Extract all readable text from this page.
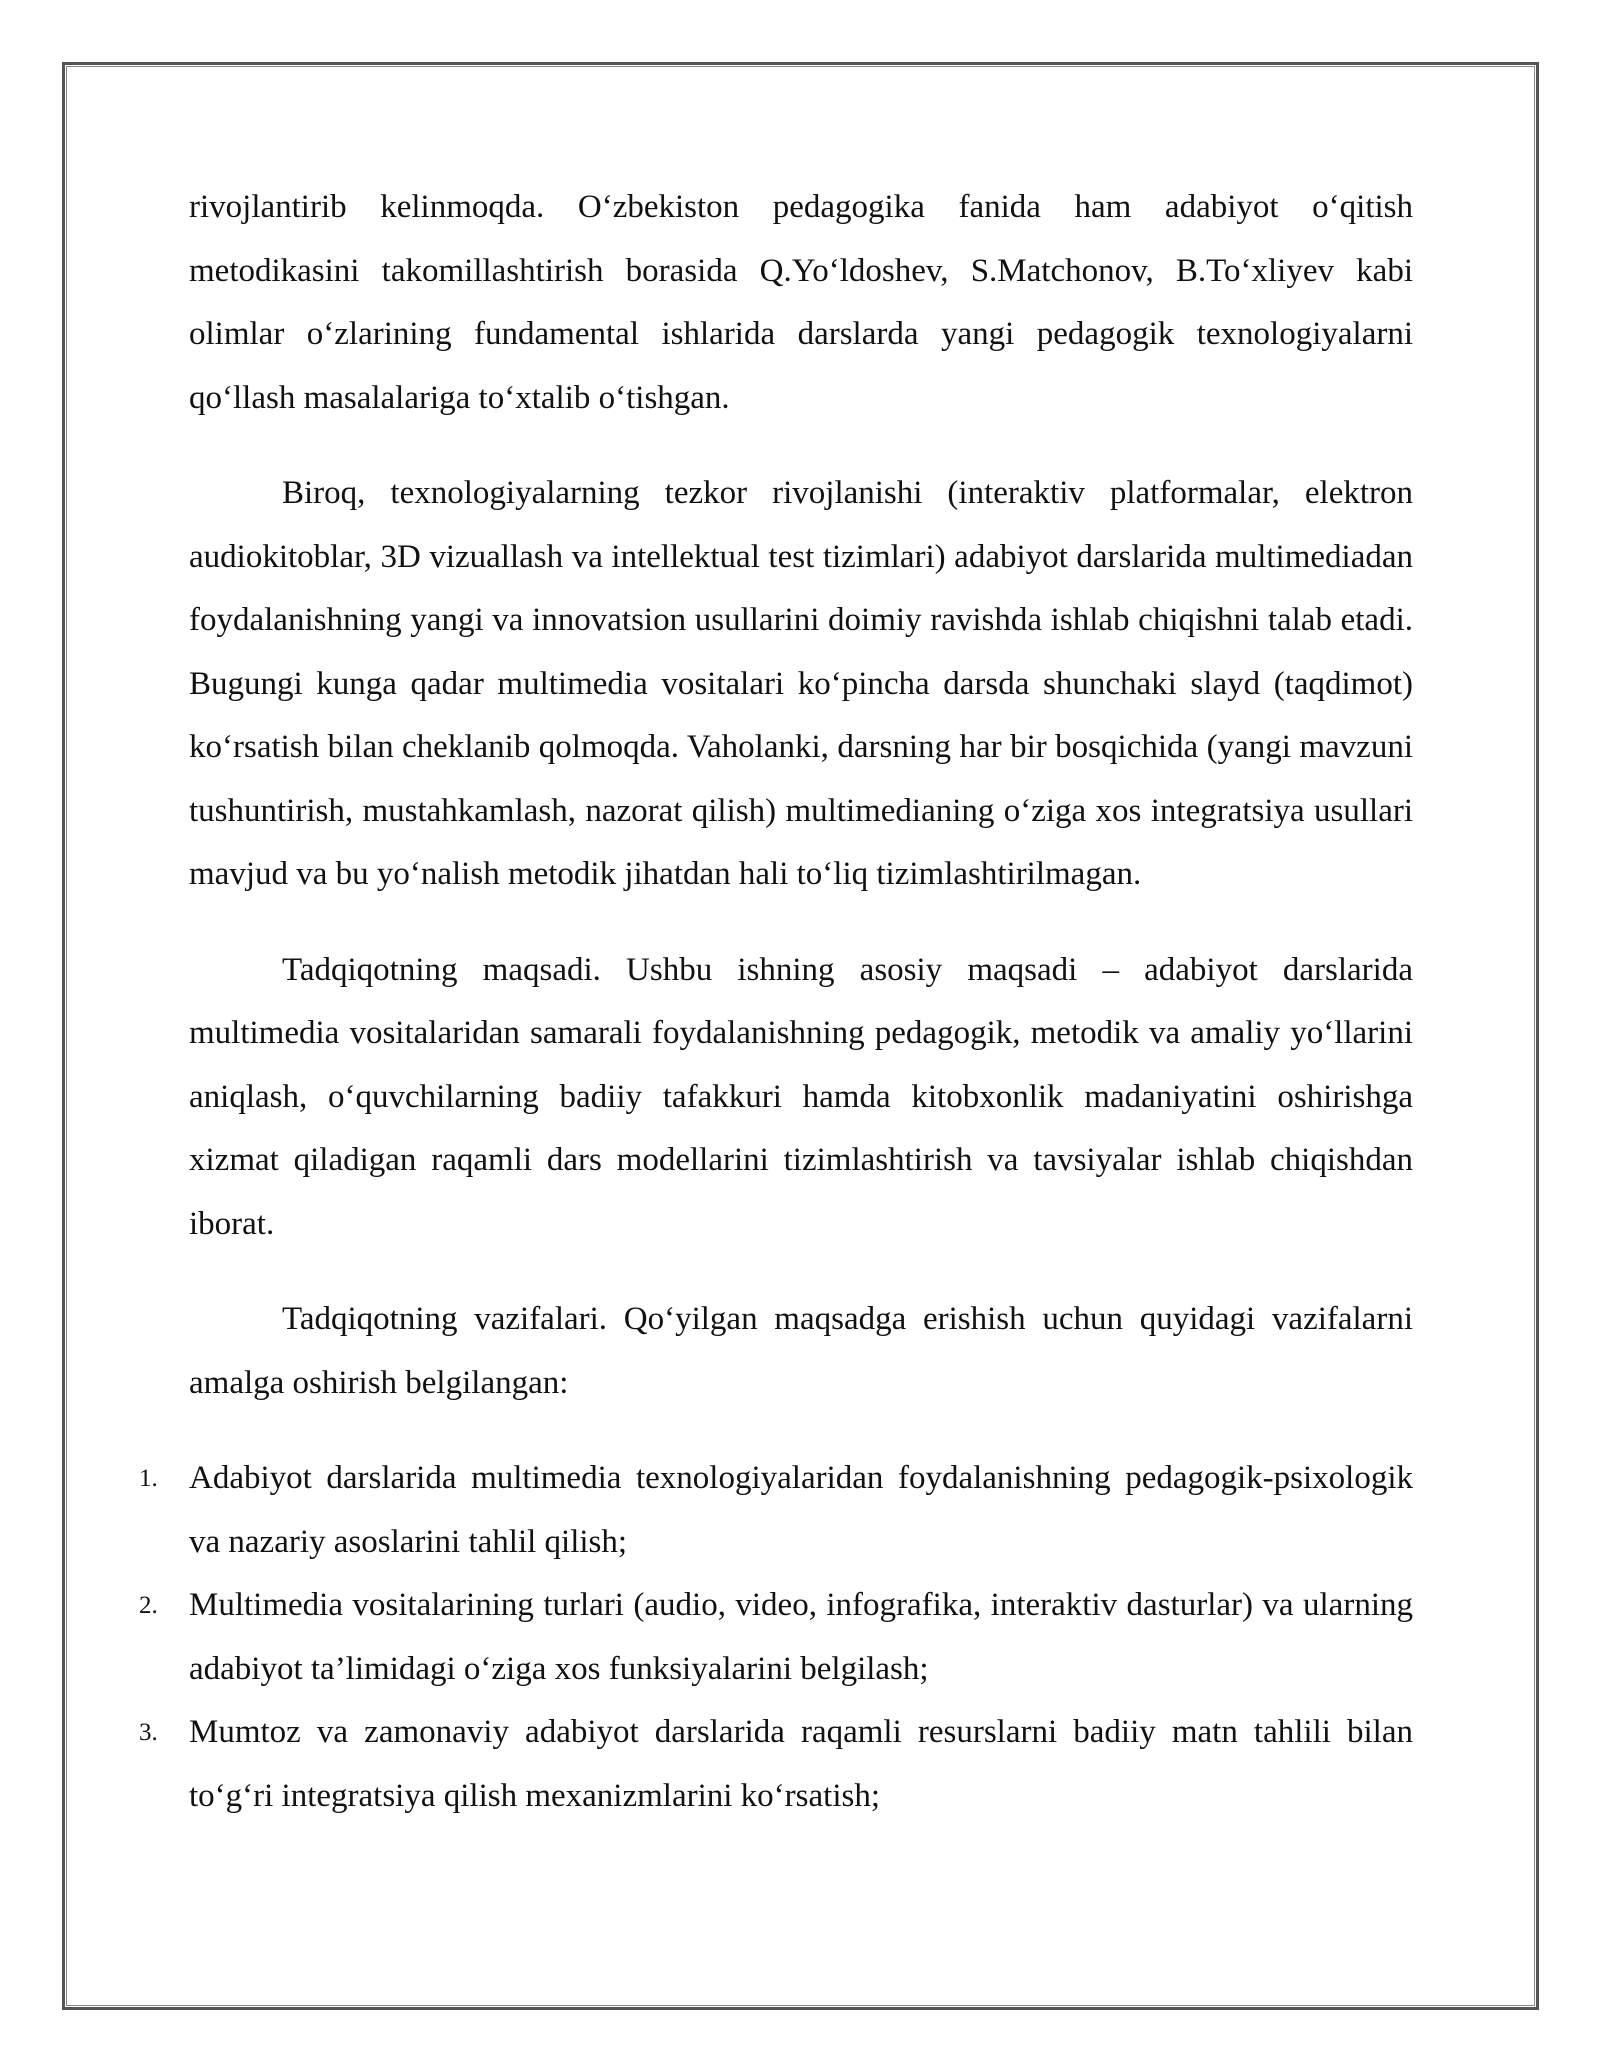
rivojlantirib kelinmoqda. O‘zbekiston pedagogika fanida ham adabiyot o‘qitish metodikasini takomillashtirish borasida Q.Yo‘ldoshev, S.Matchonov, B.To‘xliyev kabi olimlar o‘zlarining fundamental ishlarida darslarda yangi pedagogik texnologiyalarni qo‘llash masalalariga to‘xtalib o‘tishgan.

Biroq, texnologiyalarning tezkor rivojlanishi (interaktiv platformalar, elektron audiokitoblar, 3D vizuallash va intellektual test tizimlari) adabiyot darslarida multimediadan foydalanishning yangi va innovatsion usullarini doimiy ravishda ishlab chiqishni talab etadi. Bugungi kunga qadar multimedia vositalari ko‘pincha darsda shunchaki slayd (taqdimot) ko‘rsatish bilan cheklanib qolmoqda. Vaholanki, darsning har bir bosqichida (yangi mavzuni tushuntirish, mustahkamlash, nazorat qilish) multimedianing o‘ziga xos integratsiya usullari mavjud va bu yo‘nalish metodik jihatdan hali to‘liq tizimlashtirilmagan.

Tadqiqotning maqsadi. Ushbu ishning asosiy maqsadi – adabiyot darslarida multimedia vositalaridan samarali foydalanishning pedagogik, metodik va amaliy yo‘llarini aniqlash, o‘quvchilarning badiiy tafakkuri hamda kitobxonlik madaniyatini oshirishga xizmat qiladigan raqamli dars modellarini tizimlashtirish va tavsiyalar ishlab chiqishdan iborat.

Tadqiqotning vazifalari. Qo‘yilgan maqsadga erishish uchun quyidagi vazifalarni amalga oshirish belgilangan:

1. Adabiyot darslarida multimedia texnologiyalaridan foydalanishning pedagogik-psixologik va nazariy asoslarini tahlil qilish;
2. Multimedia vositalarining turlari (audio, video, infografika, interaktiv dasturlar) va ularning adabiyot ta’limidagi o‘ziga xos funksiyalarini belgilash;
3. Mumtoz va zamonaviy adabiyot darslarida raqamli resurslarni badiiy matn tahlili bilan to‘g‘ri integratsiya qilish mexanizmlarini ko‘rsatish;
